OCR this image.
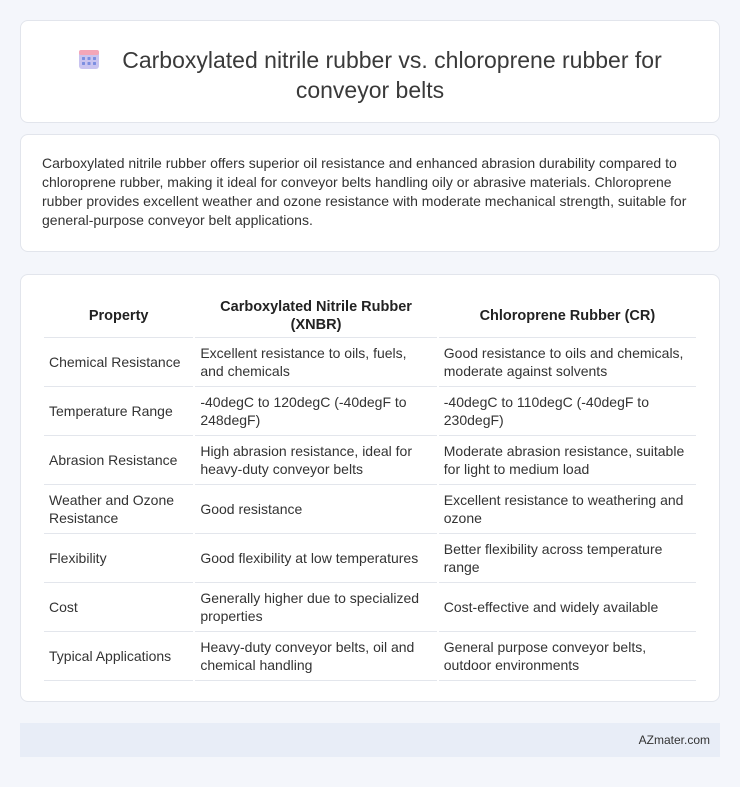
Carboxylated nitrile rubber vs. chloroprene rubber for conveyor belts

Carboxylated nitrile rubber offers superior oil resistance and enhanced abrasion durability compared to chloroprene rubber, making it ideal for conveyor belts handling oily or abrasive materials. Chloroprene rubber provides excellent weather and ozone resistance with moderate mechanical strength, suitable for general-purpose conveyor belt applications.

Property	Carboxylated Nitrile Rubber (XNBR)	Chloroprene Rubber (CR)
Chemical Resistance	Excellent resistance to oils, fuels, and chemicals	Good resistance to oils and chemicals, moderate against solvents
Temperature Range	-40degC to 120degC (-40degF to 248degF)	-40degC to 110degC (-40degF to 230degF)
Abrasion Resistance	High abrasion resistance, ideal for heavy-duty conveyor belts	Moderate abrasion resistance, suitable for light to medium load
Weather and Ozone Resistance	Good resistance	Excellent resistance to weathering and ozone
Flexibility	Good flexibility at low temperatures	Better flexibility across temperature range
Cost	Generally higher due to specialized properties	Cost-effective and widely available
Typical Applications	Heavy-duty conveyor belts, oil and chemical handling	General purpose conveyor belts, outdoor environments
AZmater.com
